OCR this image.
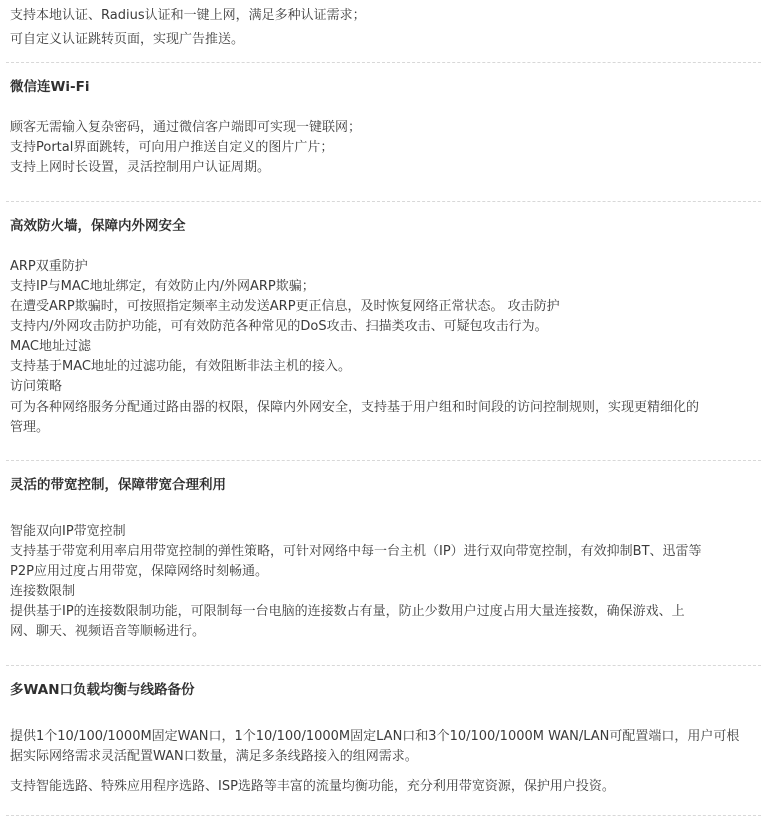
支持本地认证、Radius认证和一键上网，满足多种认证需求；

可自定义认证跳转页面，实现广告推送。

微信连Wi-Fi

顾客无需输入复杂密码，通过微信客户端即可实现一键联网；

支持Portal界面跳转，可向用户推送自定义的图片广片；

支持上网时长设置，灵活控制用户认证周期。

高效防火墙，保障内外网安全

ARP双重防护

支持IP与MAC地址绑定，有效防止内/外网ARP欺骗；

在遭受ARP欺骗时，可按照指定频率主动发送ARP更正信息，及时恢复网络正常状态。 攻击防护

支持内/外网攻击防护功能，可有效防范各种常见的DoS攻击、扫描类攻击、可疑包攻击行为。

MAC地址过滤

支持基于MAC地址的过滤功能，有效阻断非法主机的接入。

访问策略

可为各种网络服务分配通过路由器的权限，保障内外网安全，支持基于用户组和时间段的访问控制规则，实现更精细化的

管理。

灵活的带宽控制，保障带宽合理利用

智能双向IP带宽控制

支持基于带宽利用率启用带宽控制的弹性策略，可针对网络中每一台主机（IP）进行双向带宽控制，有效抑制BT、迅雷等

P2P应用过度占用带宽，保障网络时刻畅通。

连接数限制

提供基于IP的连接数限制功能，可限制每一台电脑的连接数占有量，防止少数用户过度占用大量连接数，确保游戏、上

网、聊天、视频语音等顺畅进行。

多WAN口负载均衡与线路备份

提供1个10/100/1000M固定WAN口，1个10/100/1000M固定LAN口和3个10/100/1000M WAN/LAN可配置端口，用户可根

据实际网络需求灵活配置WAN口数量，满足多条线路接入的组网需求。

支持智能选路、特殊应用程序选路、ISP选路等丰富的流量均衡功能，充分利用带宽资源，保护用户投资。
